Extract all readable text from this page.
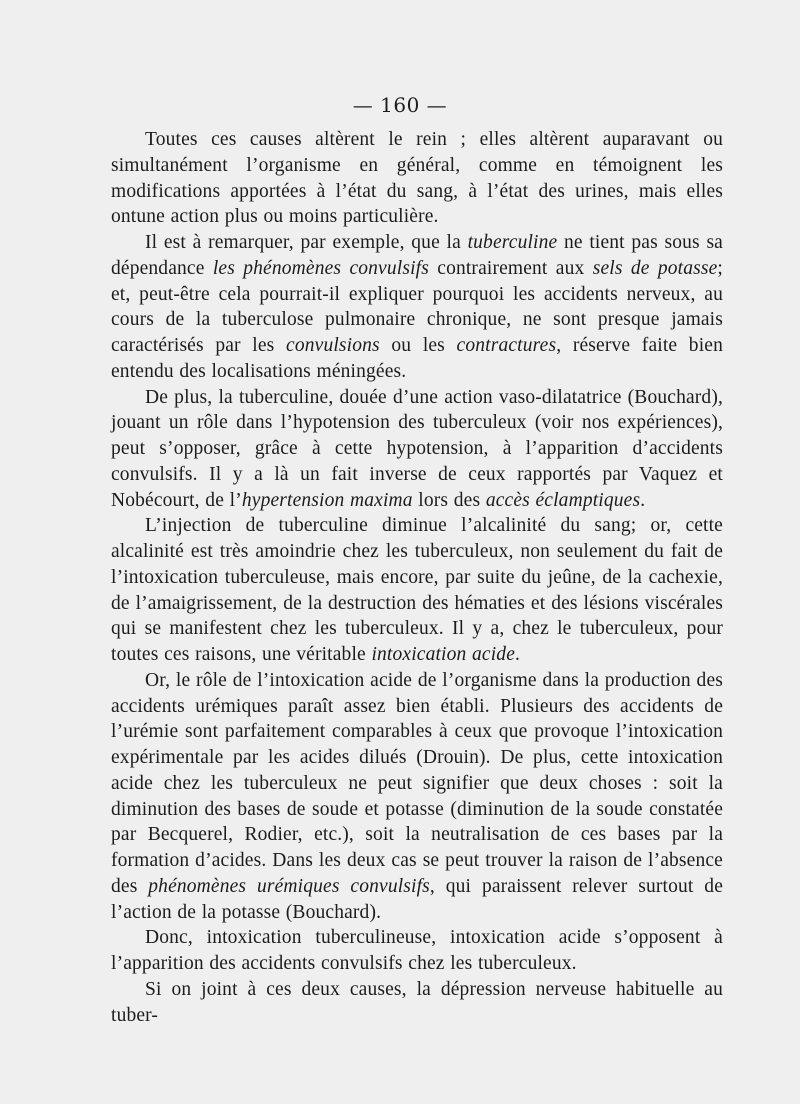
— 160 —

Toutes ces causes altèrent le rein ; elles altèrent auparavant ou simultanément l’organisme en général, comme en témoignent les modifications apportées à l’état du sang, à l’état des urines, mais elles ontune action plus ou moins particulière.

Il est à remarquer, par exemple, que la tuberculine ne tient pas sous sa dépendance les phénomènes convulsifs contrairement aux sels de potasse; et, peut-être cela pourrait-il expliquer pourquoi les accidents nerveux, au cours de la tuberculose pulmonaire chronique, ne sont presque jamais caractérisés par les convulsions ou les contractures, réserve faite bien entendu des localisations méningées.

De plus, la tuberculine, douée d’une action vaso-dilatatrice (Bouchard), jouant un rôle dans l’hypotension des tuberculeux (voir nos expériences), peut s’opposer, grâce à cette hypotension, à l’apparition d’accidents convulsifs. Il y a là un fait inverse de ceux rapportés par Vaquez et Nobécourt, de l’hypertension maxima lors des accès éclamptiques.

L’injection de tuberculine diminue l’alcalinité du sang; or, cette alcalinité est très amoindrie chez les tuberculeux, non seulement du fait de l’intoxication tuberculeuse, mais encore, par suite du jeûne, de la cachexie, de l’amaigrissement, de la destruction des hématies et des lésions viscérales qui se manifestent chez les tuberculeux. Il y a, chez le tuberculeux, pour toutes ces raisons, une véritable intoxication acide.

Or, le rôle de l’intoxication acide de l’organisme dans la production des accidents urémiques paraît assez bien établi. Plusieurs des accidents de l’urémie sont parfaitement comparables à ceux que provoque l’intoxication expérimentale par les acides dilués (Drouin). De plus, cette intoxication acide chez les tuberculeux ne peut signifier que deux choses : soit la diminution des bases de soude et potasse (diminution de la soude constatée par Becquerel, Rodier, etc.), soit la neutralisation de ces bases par la formation d’acides. Dans les deux cas se peut trouver la raison de l’absence des phénomènes urémiques convulsifs, qui paraissent relever surtout de l’action de la potasse (Bouchard).

Donc, intoxication tuberculineuse, intoxication acide s’opposent à l’apparition des accidents convulsifs chez les tuberculeux.

Si on joint à ces deux causes, la dépression nerveuse habituelle au tuber-
